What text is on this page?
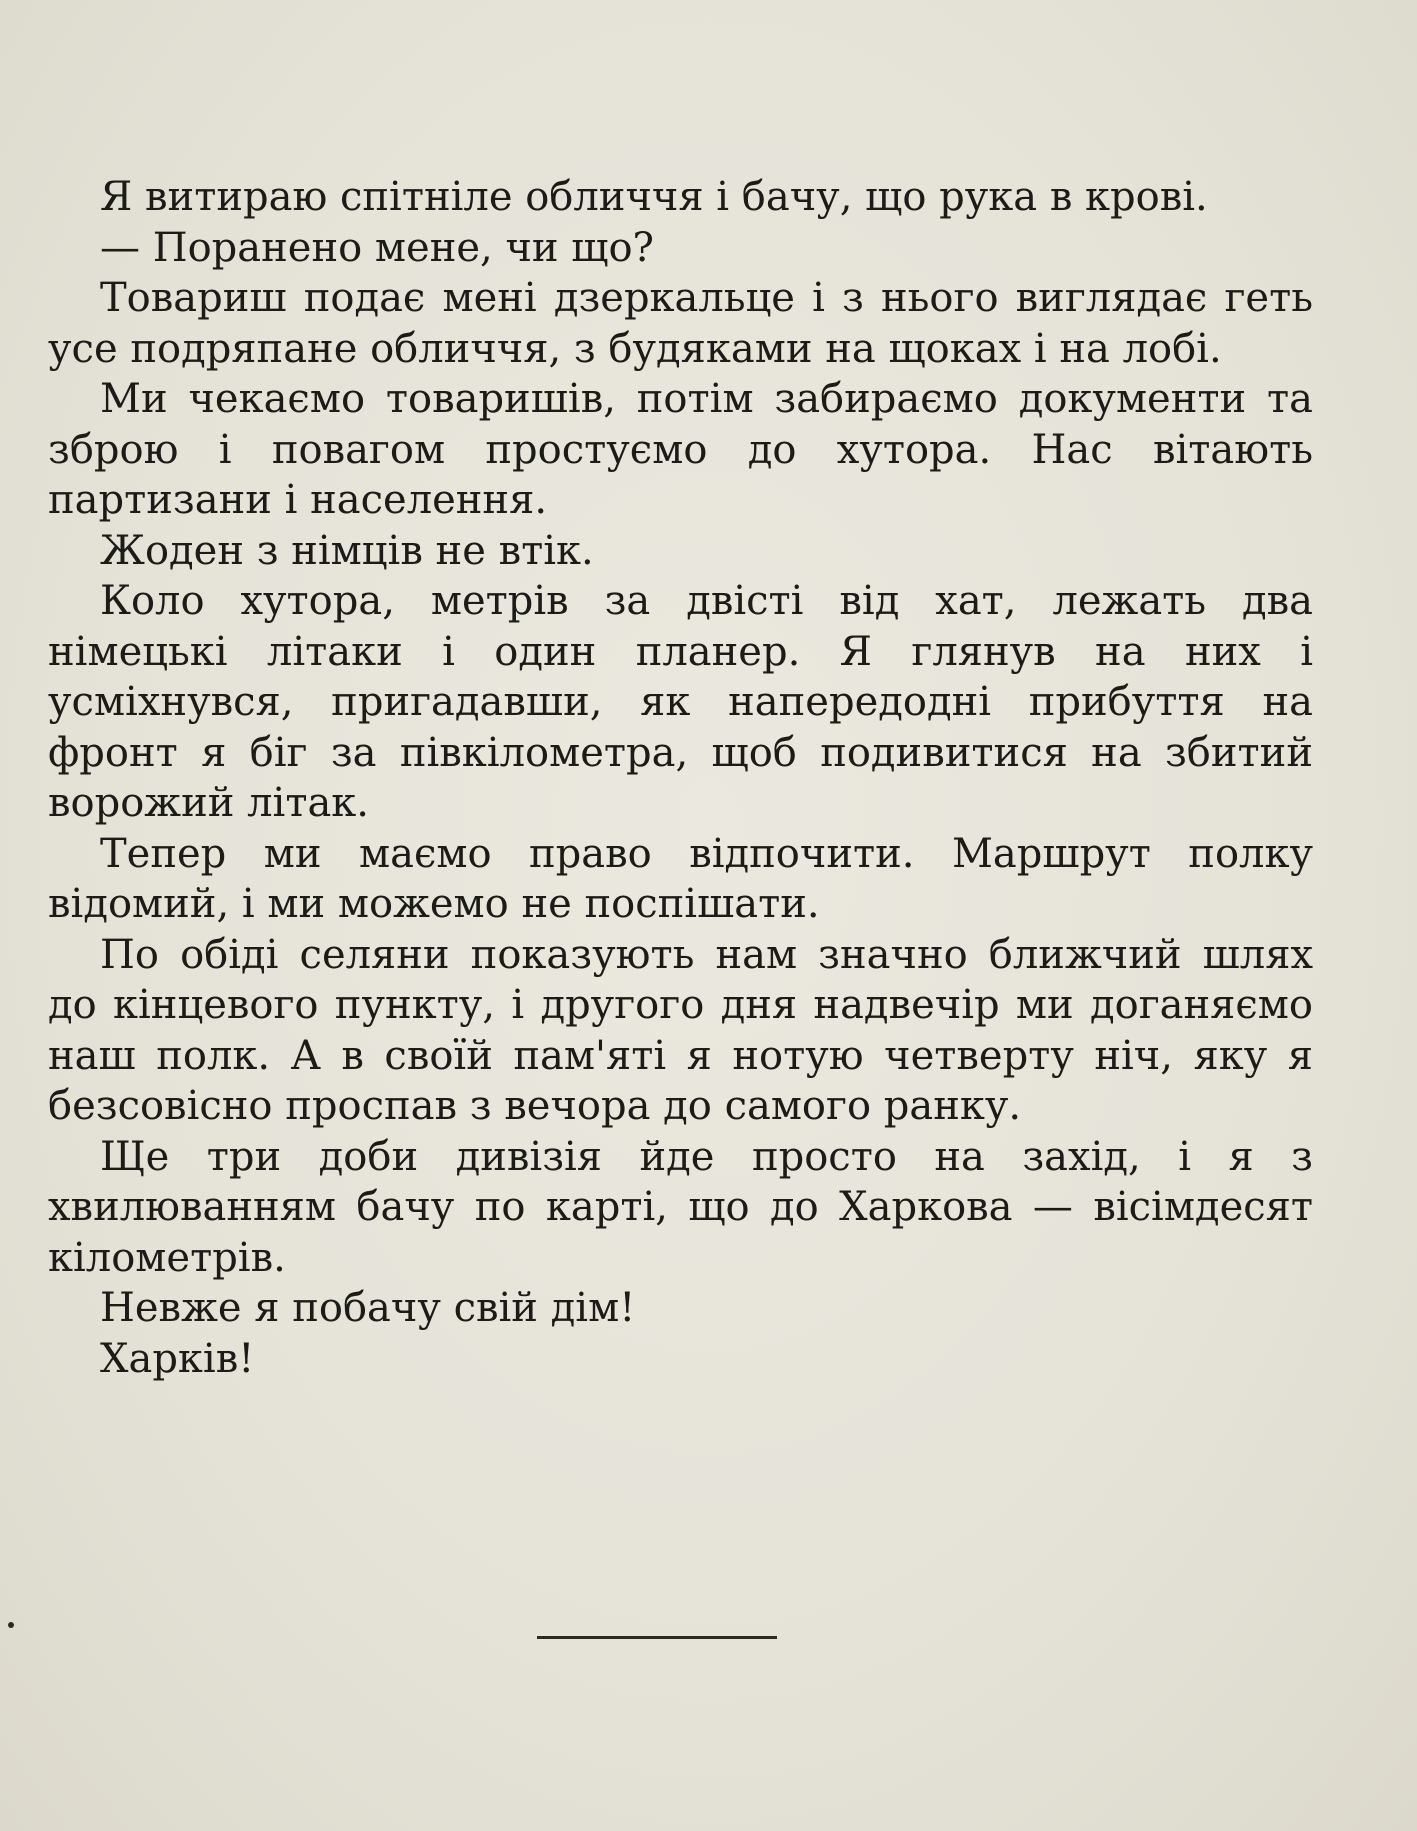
Я витираю спітніле обличчя і бачу, що рука в крові.

— Поранено мене, чи що?

Товариш подає мені дзеркальце і з нього виглядає геть усе подряпане обличчя, з будяками на щоках і на лобі.

Ми чекаємо товаришів, потім забираємо документи та зброю і повагом простуємо до хутора. Нас вітають партизани і населення.

Жоден з німців не втік.

Коло хутора, метрів за двісті від хат, лежать два німецькі літаки і один планер. Я глянув на них і усміхнувся, пригадавши, як напередодні прибуття на фронт я біг за півкілометра, щоб подивитися на збитий ворожий літак.

Тепер ми маємо право відпочити. Маршрут полку відомий, і ми можемо не поспішати.

По обіді селяни показують нам значно ближчий шлях до кінцевого пункту, і другого дня надвечір ми доганяємо наш полк. А в своїй пам'яті я нотую четверту ніч, яку я безсовісно проспав з вечора до самого ранку.

Ще три доби дивізія йде просто на захід, і я з хвилюванням бачу по карті, що до Харкова — вісімдесят кілометрів.

Невже я побачу свій дім!

Харків!
